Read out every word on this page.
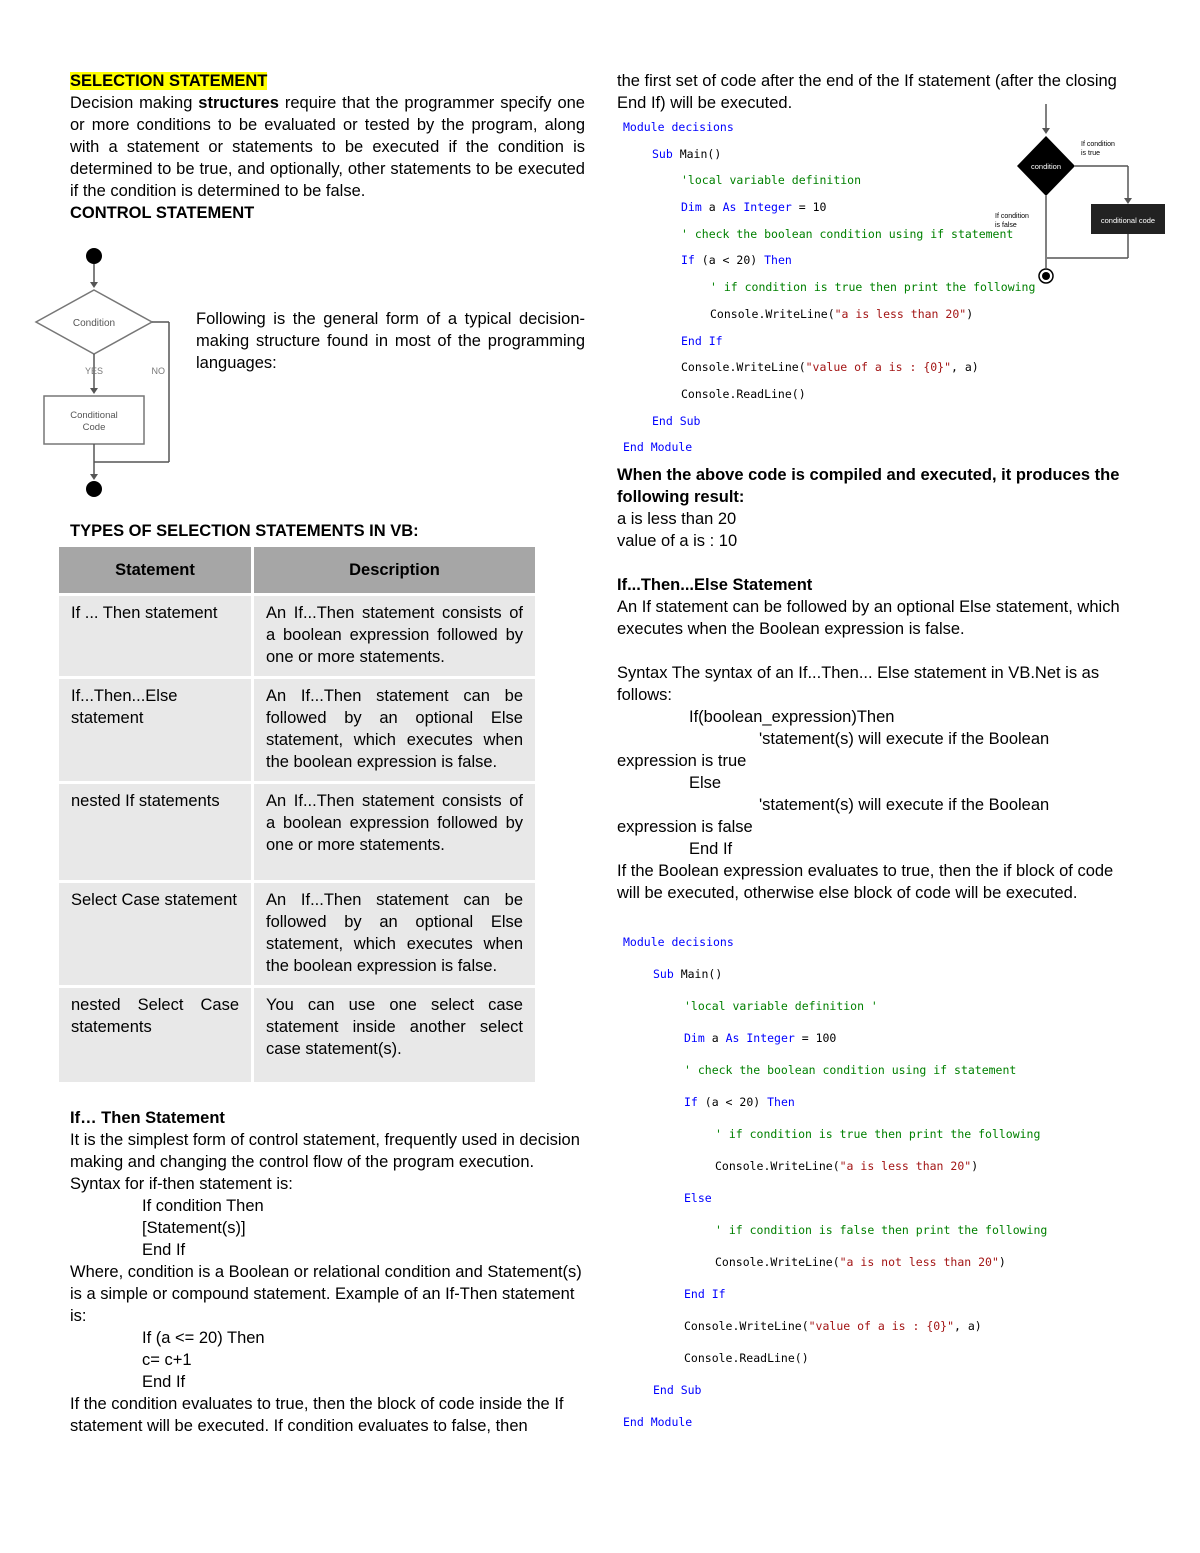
SELECTION STATEMENT

Decision making structures require that the programmer specify one or more conditions to be evaluated or tested by the program, along with a statement or statements to be executed if the condition is determined to be true, and optionally, other statements to be executed if the condition is determined to be false.

CONTROL STATEMENT

Condition
YES
Conditional
Code
NO

Following is the general form of a typical decision-making structure found in most of the programming languages:

TYPES OF SELECTION STATEMENTS IN VB:

Statement	Description
If ... Then statement	An If...Then statement consists of a boolean expression followed by one or more statements.
If...Then...Else statement	An If...Then statement can be followed by an optional Else statement, which executes when the boolean expression is false.
nested If statements	An If...Then statement consists of a boolean expression followed by one or more statements.
Select Case statement	An If...Then statement can be followed by an optional Else statement, which executes when the boolean expression is false.
nested Select Case statements	You can use one select case statement inside another select case statement(s).

If… Then Statement

It is the simplest form of control statement, frequently used in decision making and changing the control flow of the program execution. Syntax for if-then statement is:

If condition Then

[Statement(s)]

End If

Where, condition is a Boolean or relational condition and Statement(s) is a simple or compound statement. Example of an If-Then statement is:

If (a <= 20) Then

c= c+1

End If

If the condition evaluates to true, then the block of code inside the If statement will be executed. If condition evaluates to false, then

the first set of code after the end of the If statement (after the closing End If) will be executed.

Module decisions
Sub Main()
'local variable definition
Dim a As Integer = 10
' check the boolean condition using if statement
If (a < 20) Then
' if condition is true then print the following
Console.WriteLine("a is less than 20")
End If
Console.WriteLine("value of a is : {0}", a)
Console.ReadLine()
End Sub
End Module
condition
If condition
is true
conditional code
If condition
is false

When the above code is compiled and executed, it produces the following result:

a is less than 20

value of a is : 10

If...Then...Else Statement

An If statement can be followed by an optional Else statement, which executes when the Boolean expression is false.

Syntax The syntax of an If...Then... Else statement in VB.Net is as follows:

If(boolean_expression)Then

'statement(s) will execute if the Boolean

expression is true

Else

'statement(s) will execute if the Boolean

expression is false

End If

If the Boolean expression evaluates to true, then the if block of code will be executed, otherwise else block of code will be executed.

Module decisions
Sub Main()
'local variable definition '
Dim a As Integer = 100
' check the boolean condition using if statement
If (a < 20) Then
' if condition is true then print the following
Console.WriteLine("a is less than 20")
Else
' if condition is false then print the following
Console.WriteLine("a is not less than 20")
End If
Console.WriteLine("value of a is : {0}", a)
Console.ReadLine()
End Sub
End Module
